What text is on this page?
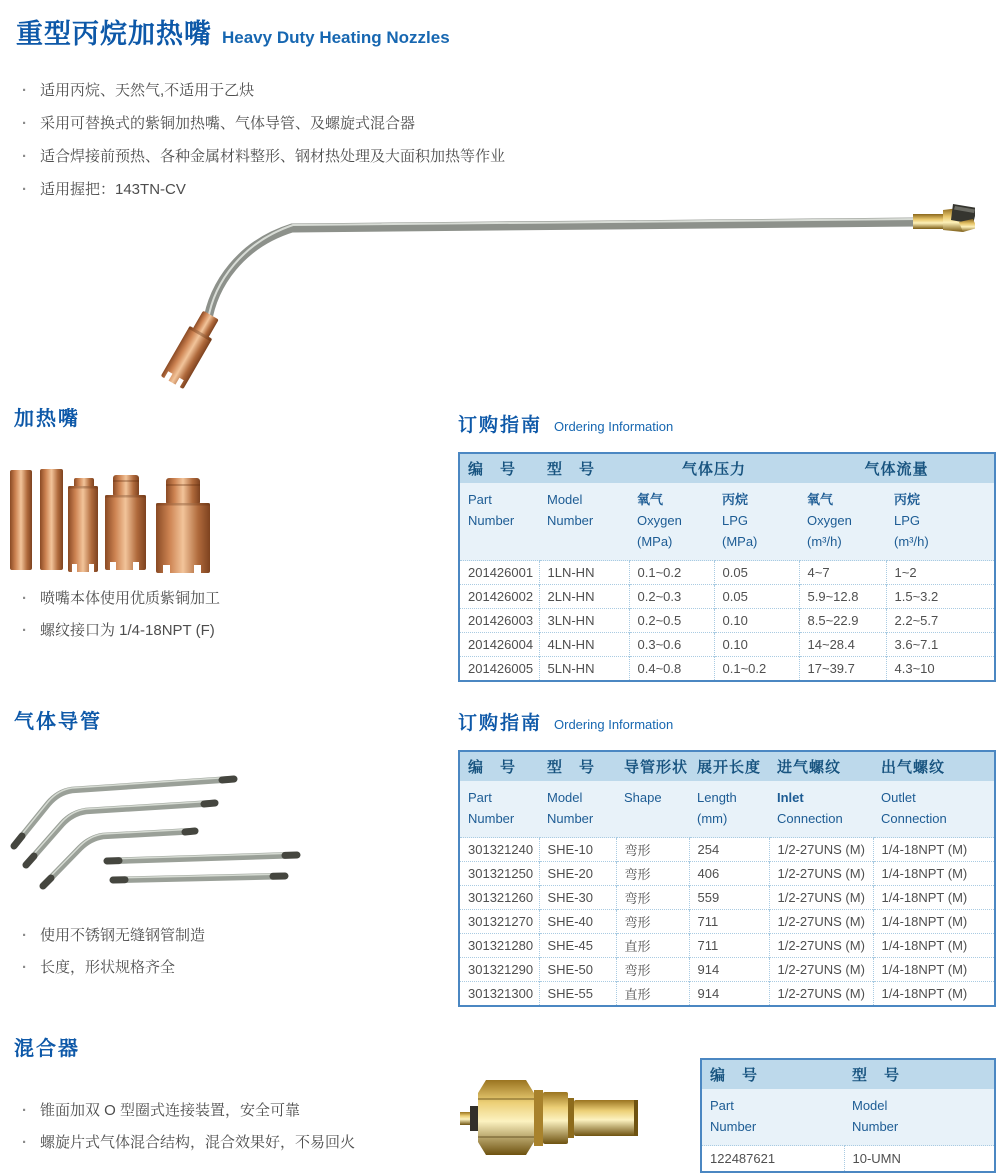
重型丙烷加热嘴 Heavy Duty Heating Nozzles
· 适用丙烷、天然气,不适用于乙炔
· 采用可替换式的紫铜加热嘴、气体导管、及螺旋式混合器
· 适合焊接前预热、各种金属材料整形、钢材热处理及大面积加热等作业
· 适用握把：143TN-CV
加热嘴
· 喷嘴本体使用优质紫铜加工
· 螺纹接口为 1/4-18NPT (F)
订购指南 Ordering Information
编　号	型　号	气体压力		气体流量	

Part
Number

Model
Number

氧气
Oxygen
(MPa)

丙烷
LPG
(MPa)

氧气
Oxygen
(m³/h)

丙烷
LPG
(m³/h)

201426001	1LN-HN	0.1~0.2	0.05	4~7	1~2
201426002	2LN-HN	0.2~0.3	0.05	5.9~12.8	1.5~3.2
201426003	3LN-HN	0.2~0.5	0.10	8.5~22.9	2.2~5.7
201426004	4LN-HN	0.3~0.6	0.10	14~28.4	3.6~7.1
201426005	5LN-HN	0.4~0.8	0.1~0.2	17~39.7	4.3~10
气体导管
· 使用不锈钢无缝钢管制造
· 长度，形状规格齐全
订购指南 Ordering Information
编　号	型　号	导管形状	展开长度	进气螺纹	出气螺纹

Part
Number

Model
Number

Shape	Length
(mm)

Inlet
Connection

Outlet
Connection

301321240	SHE-10	弯形	254	1/2-27UNS (M)	1/4-18NPT (M)
301321250	SHE-20	弯形	406	1/2-27UNS (M)	1/4-18NPT (M)
301321260	SHE-30	弯形	559	1/2-27UNS (M)	1/4-18NPT (M)
301321270	SHE-40	弯形	711	1/2-27UNS (M)	1/4-18NPT (M)
301321280	SHE-45	直形	711	1/2-27UNS (M)	1/4-18NPT (M)
301321290	SHE-50	弯形	914	1/2-27UNS (M)	1/4-18NPT (M)
301321300	SHE-55	直形	914	1/2-27UNS (M)	1/4-18NPT (M)
混合器
· 锥面加双 O 型圈式连接装置，安全可靠
· 螺旋片式气体混合结构，混合效果好，不易回火
编　号	型　号

Part
Number

Model
Number

122487621	10-UMN
